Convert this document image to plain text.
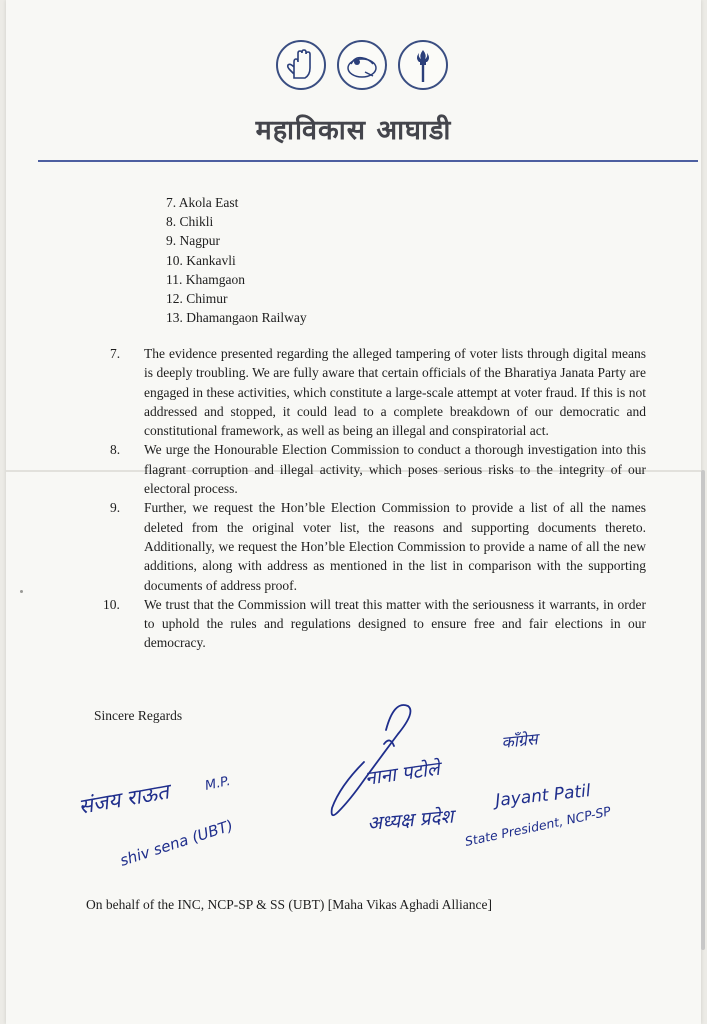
महाविकास आघाडी
7. Akola East
8. Chikli
9. Nagpur
10. Kankavli
11. Khamgaon
12. Chimur
13. Dhamangaon Railway
7. The evidence presented regarding the alleged tampering of voter lists through digital means is deeply troubling. We are fully aware that certain officials of the Bharatiya Janata Party are engaged in these activities, which constitute a large-scale attempt at voter fraud. If this is not addressed and stopped, it could lead to a complete breakdown of our democratic and constitutional framework, as well as being an illegal and conspiratorial act.
8. We urge the Honourable Election Commission to conduct a thorough investigation into this flagrant corruption and illegal activity, which poses serious risks to the integrity of our electoral process.
9. Further, we request the Hon’ble Election Commission to provide a list of all the names deleted from the original voter list, the reasons and supporting documents thereto. Additionally, we request the Hon’ble Election Commission to provide a name of all the new additions, along with address as mentioned in the list in comparison with the supporting documents of address proof.
10. We trust that the Commission will treat this matter with the seriousness it warrants, in order to uphold the rules and regulations designed to ensure free and fair elections in our democracy.
Sincere Regards
संजय राऊत	M.P.
shiv sena (UBT)
नाना पटोले
काँग्रेस
अध्यक्ष प्रदेश
Jayant Patil
State President, NCP-SP
On behalf of the INC, NCP-SP & SS (UBT) [Maha Vikas Aghadi Alliance]
